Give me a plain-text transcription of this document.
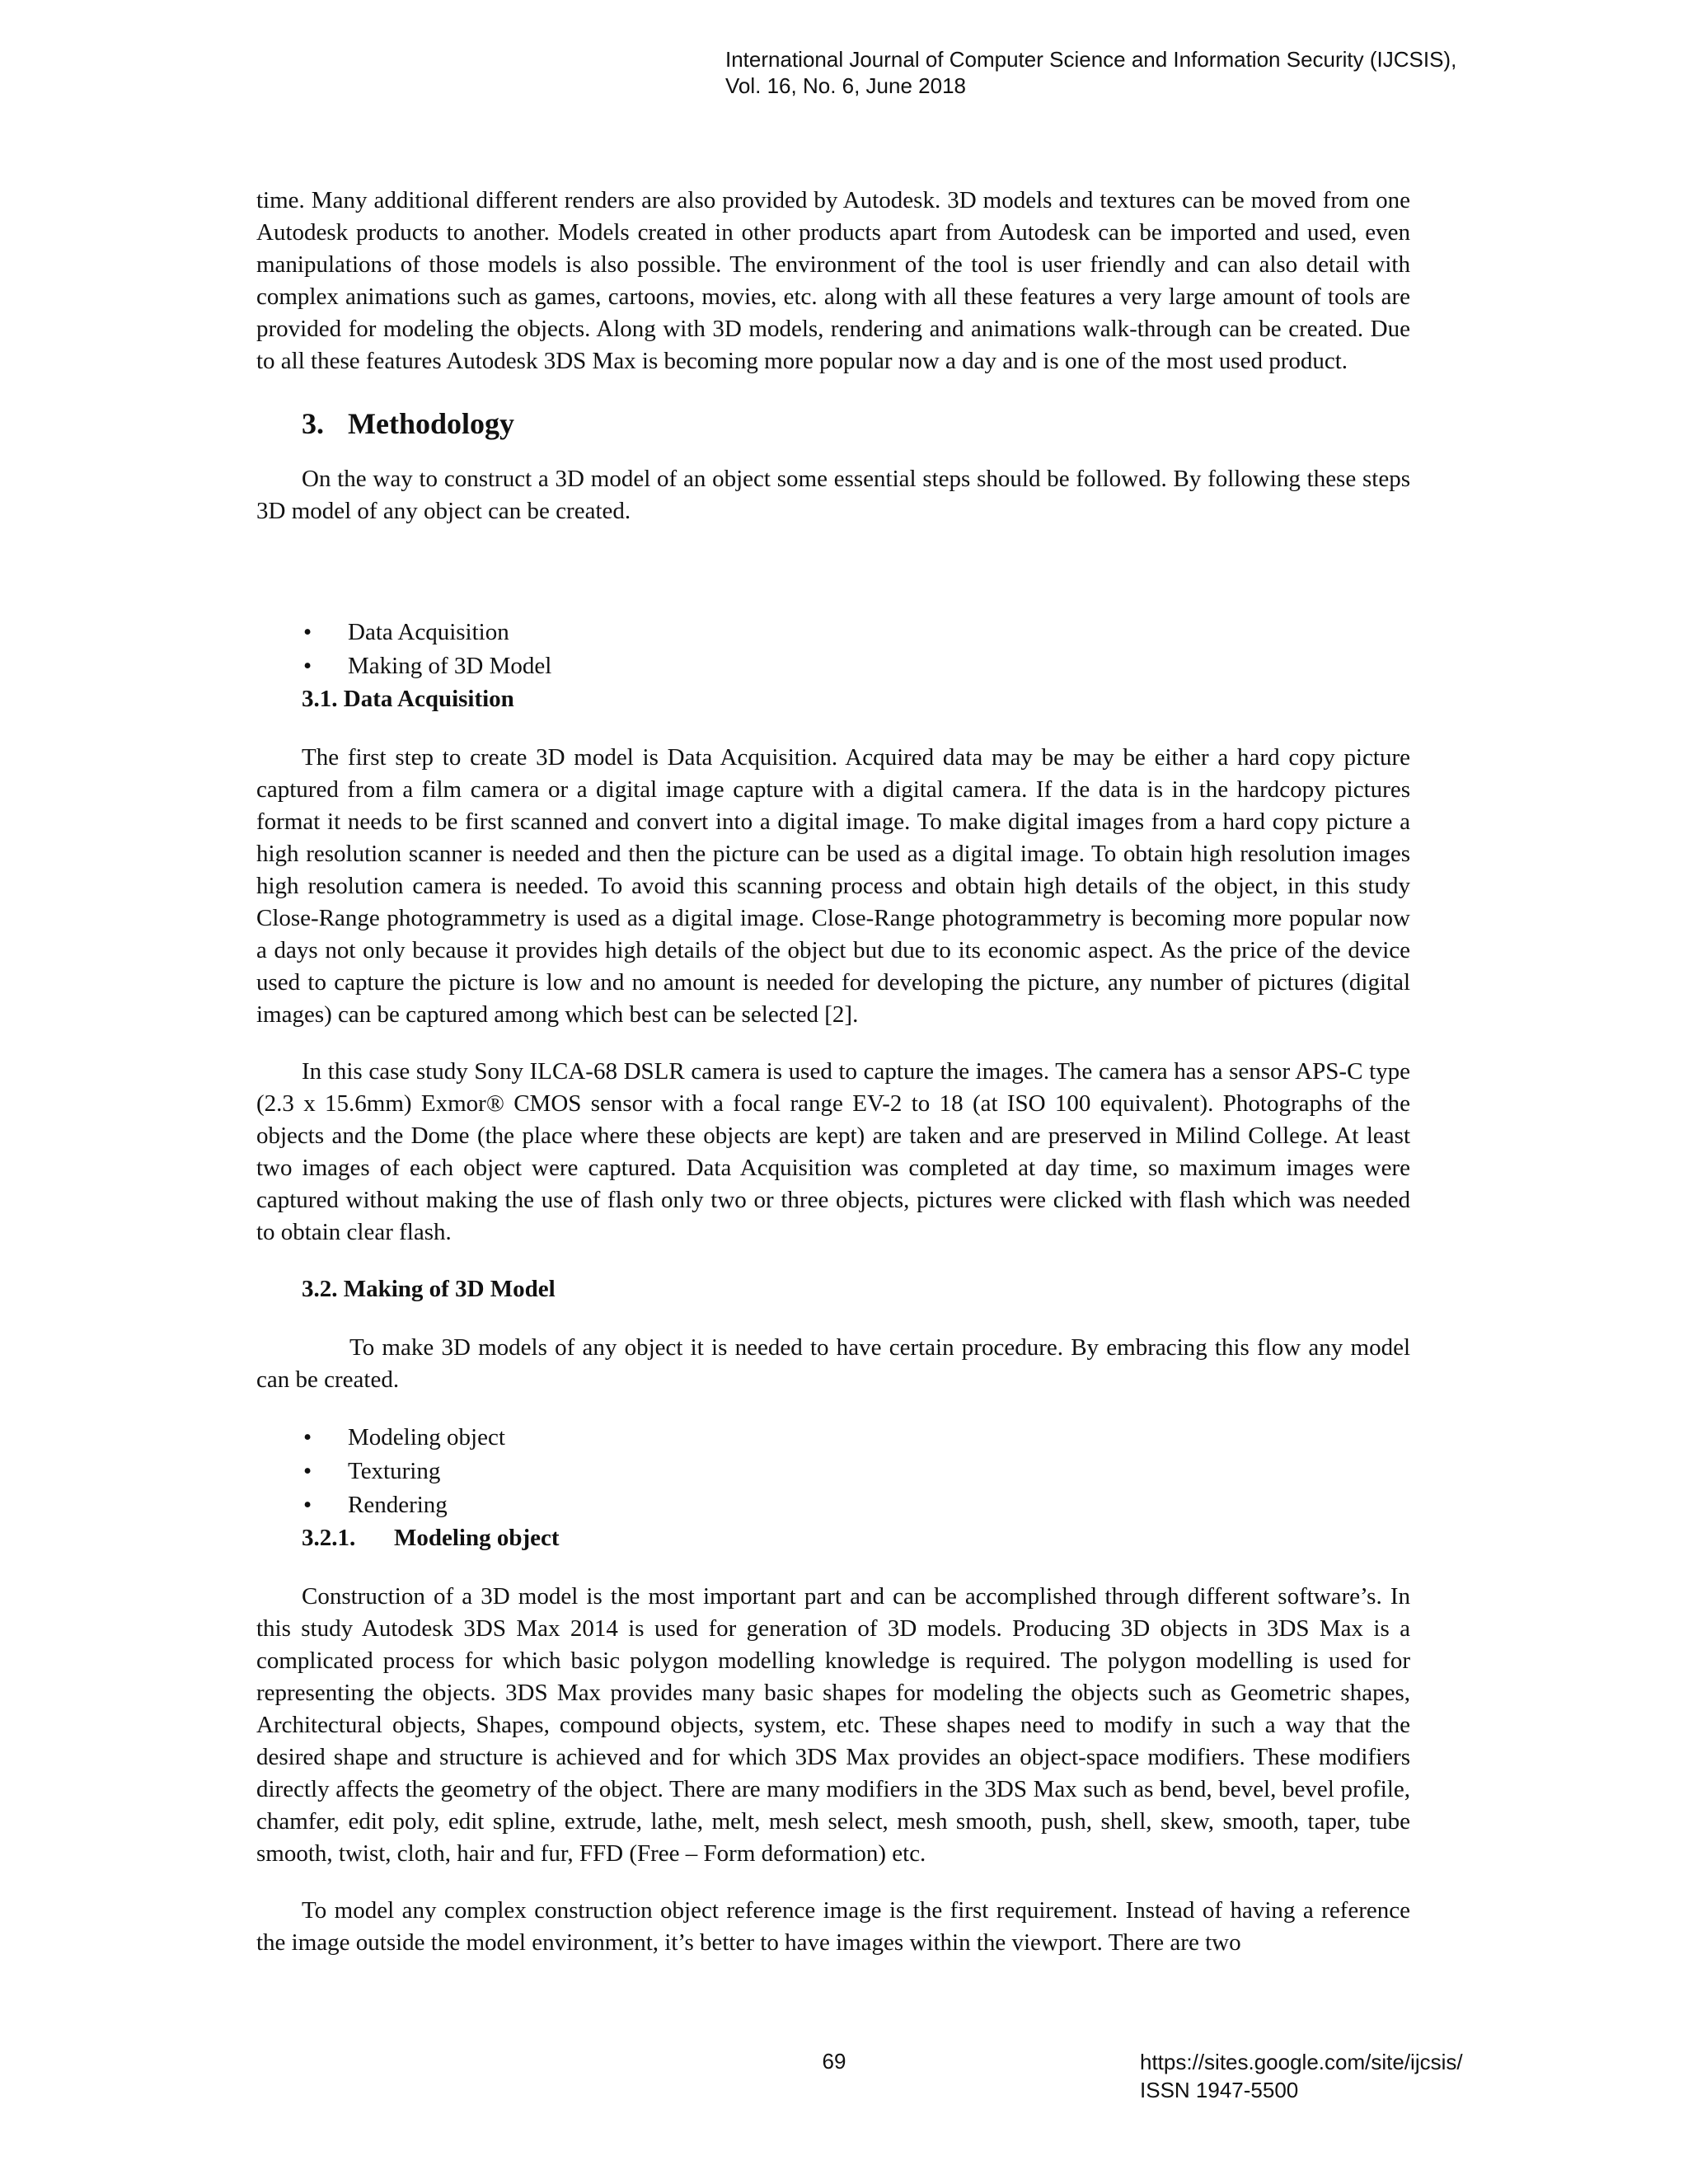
International Journal of Computer Science and Information Security (IJCSIS),
Vol. 16, No. 6, June 2018

time. Many additional different renders are also provided by Autodesk. 3D models and textures can be moved from one Autodesk products to another. Models created in other products apart from Autodesk can be imported and used, even manipulations of those models is also possible. The environment of the tool is user friendly and can also detail with complex animations such as games, cartoons, movies, etc. along with all these features a very large amount of tools are provided for modeling the objects. Along with 3D models, rendering and animations walk-through can be created. Due to all these features Autodesk 3DS Max is becoming more popular now a day and is one of the most used product.

3. Methodology

On the way to construct a 3D model of an object some essential steps should be followed. By following these steps 3D model of any object can be created.

• Data Acquisition
• Making of 3D Model
3.1. Data Acquisition

The first step to create 3D model is Data Acquisition. Acquired data may be may be either a hard copy picture captured from a film camera or a digital image capture with a digital camera. If the data is in the hardcopy pictures format it needs to be first scanned and convert into a digital image. To make digital images from a hard copy picture a high resolution scanner is needed and then the picture can be used as a digital image. To obtain high resolution images high resolution camera is needed. To avoid this scanning process and obtain high details of the object, in this study Close-Range photogrammetry is used as a digital image. Close-Range photogrammetry is becoming more popular now a days not only because it provides high details of the object but due to its economic aspect. As the price of the device used to capture the picture is low and no amount is needed for developing the picture, any number of pictures (digital images) can be captured among which best can be selected [2].

In this case study Sony ILCA-68 DSLR camera is used to capture the images. The camera has a sensor APS-C type (2.3 x 15.6mm) Exmor® CMOS sensor with a focal range EV-2 to 18 (at ISO 100 equivalent). Photographs of the objects and the Dome (the place where these objects are kept) are taken and are preserved in Milind College. At least two images of each object were captured. Data Acquisition was completed at day time, so maximum images were captured without making the use of flash only two or three objects, pictures were clicked with flash which was needed to obtain clear flash.

3.2. Making of 3D Model

To make 3D models of any object it is needed to have certain procedure. By embracing this flow any model can be created.

• Modeling object
• Texturing
• Rendering
3.2.1. Modeling object

Construction of a 3D model is the most important part and can be accomplished through different software’s. In this study Autodesk 3DS Max 2014 is used for generation of 3D models. Producing 3D objects in 3DS Max is a complicated process for which basic polygon modelling knowledge is required. The polygon modelling is used for representing the objects. 3DS Max provides many basic shapes for modeling the objects such as Geometric shapes, Architectural objects, Shapes, compound objects, system, etc. These shapes need to modify in such a way that the desired shape and structure is achieved and for which 3DS Max provides an object-space modifiers. These modifiers directly affects the geometry of the object. There are many modifiers in the 3DS Max such as bend, bevel, bevel profile, chamfer, edit poly, edit spline, extrude, lathe, melt, mesh select, mesh smooth, push, shell, skew, smooth, taper, tube smooth, twist, cloth, hair and fur, FFD (Free – Form deformation) etc.

To model any complex construction object reference image is the first requirement. Instead of having a reference the image outside the model environment, it’s better to have images within the viewport. There are two

69	https://sites.google.com/site/ijcsis/
ISSN 1947-5500
